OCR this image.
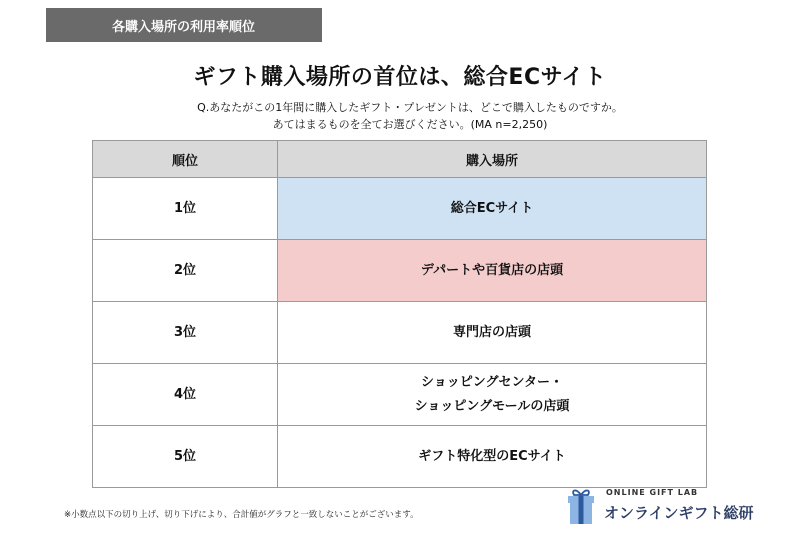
各購入場所の利用率順位
ギフト購入場所の首位は、総合ECサイト
Q.あなたがこの1年間に購入したギフト・プレゼントは、どこで購入したものですか。
あてはまるものを全てお選びください。(MA n=2,250)
順位	購入場所
1位	総合ECサイト

2位	デパートや百貨店の店頭

3位	専門店の店頭

4位	ショッピングセンター・
ショッピングモールの店頭

5位	ギフト特化型のECサイト
※小数点以下の切り上げ、切り下げにより、合計値がグラフと一致しないことがございます。
ONLINE GIFT LAB
オンラインギフト総研
